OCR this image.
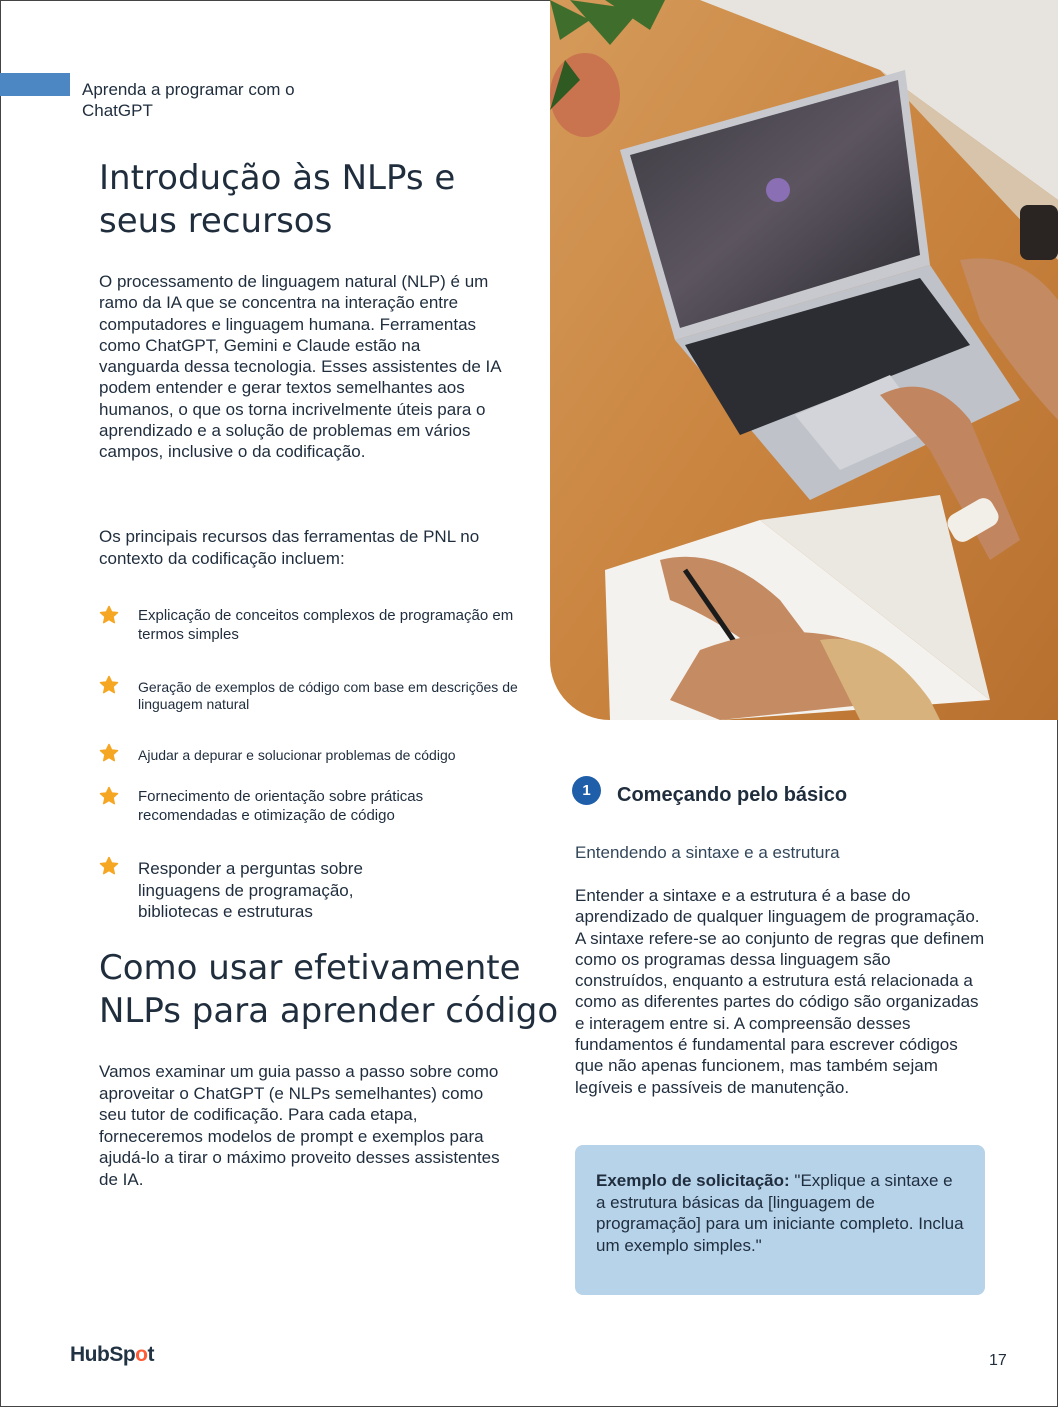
Aprenda a programar com o ChatGPT
Introdução às NLPs e seus recursos
O processamento de linguagem natural (NLP) é um ramo da IA que se concentra na interação entre computadores e linguagem humana. Ferramentas como ChatGPT, Gemini e Claude estão na vanguarda dessa tecnologia. Esses assistentes de IA podem entender e gerar textos semelhantes aos humanos, o que os torna incrivelmente úteis para o aprendizado e a solução de problemas em vários campos, inclusive o da codificação.
Os principais recursos das ferramentas de PNL no contexto da codificação incluem:
Explicação de conceitos complexos de programação em termos simples
Geração de exemplos de código com base em descrições de linguagem natural
Ajudar a depurar e solucionar problemas de código
Fornecimento de orientação sobre práticas recomendadas e otimização de código
Responder a perguntas sobre linguagens de programação, bibliotecas e estruturas
Como usar efetivamente NLPs para aprender código
Vamos examinar um guia passo a passo sobre como aproveitar o ChatGPT (e NLPs semelhantes) como seu tutor de codificação. Para cada etapa, forneceremos modelos de prompt e exemplos para ajudá-lo a tirar o máximo proveito desses assistentes de IA.
1	Começando pelo básico
Entendendo a sintaxe e a estrutura
Entender a sintaxe e a estrutura é a base do aprendizado de qualquer linguagem de programação. A sintaxe refere-se ao conjunto de regras que definem como os programas dessa linguagem são construídos, enquanto a estrutura está relacionada a como as diferentes partes do código são organizadas e interagem entre si. A compreensão desses fundamentos é fundamental para escrever códigos que não apenas funcionem, mas também sejam legíveis e passíveis de manutenção.

Exemplo de solicitação: "Explique a sintaxe e a estrutura básicas da [linguagem de programação] para um iniciante completo. Inclua um exemplo simples."

HubSpot	17
